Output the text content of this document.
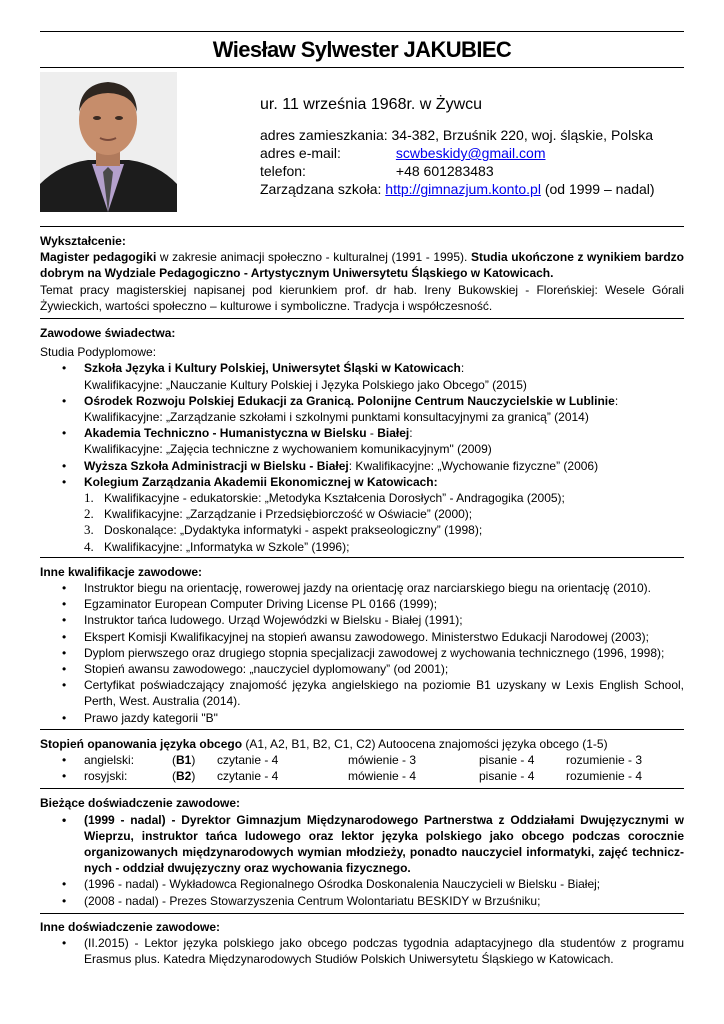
Wiesław Sylwester JAKUBIEC
ur. 11 września 1968r. w Żywcu
adres zamieszkania: 34-382, Brzuśnik 220, woj. śląskie, Polska
adres e-mail:	scwbeskidy@gmail.com
telefon:	+48 601283483
Zarządzana szkoła: http://gimnazjum.konto.pl (od 1999 – nadal)
Wykształcenie:
Magister pedagogiki w zakresie animacji społeczno - kulturalnej (1991 - 1995). Studia ukończone z wynikiem bardzo dobrym na Wydziale Pedagogiczno - Artystycznym Uniwersytetu Śląskiego w Katowicach.
Temat pracy magisterskiej napisanej pod kierunkiem prof. dr hab. Ireny Bukowskiej - Floreńskiej: Wesele Górali Żywieckich, wartości społeczno – kulturowe i symboliczne. Tradycja i współczesność.
Zawodowe świadectwa:
Studia Podyplomowe:
• Szkoła Języka i Kultury Polskiej, Uniwersytet Śląski w Katowicach:
Kwalifikacyjne: „Nauczanie Kultury Polskiej i Języka Polskiego jako Obcego” (2015)
• Ośrodek Rozwoju Polskiej Edukacji za Granicą. Polonijne Centrum Nauczycielskie w Lublinie:
Kwalifikacyjne: „Zarządzanie szkołami i szkolnymi punktami konsultacyjnymi za granicą” (2014)
• Akademia Techniczno - Humanistyczna w Bielsku - Białej:
Kwalifikacyjne: „Zajęcia techniczne z wychowaniem komunikacyjnym" (2009)
• Wyższa Szkoła Administracji w Bielsku - Białej: Kwalifikacyjne: „Wychowanie fizyczne” (2006)
• Kolegium Zarządzania Akademii Ekonomicznej w Katowicach:
1. Kwalifikacyjne - edukatorskie: „Metodyka Kształcenia Dorosłych” - Andragogika (2005);
2. Kwalifikacyjne: „Zarządzanie i Przedsiębiorczość w Oświacie” (2000);
3. Doskonalące: „Dydaktyka informatyki - aspekt prakseologiczny” (1998);
4. Kwalifikacyjne: „Informatyka w Szkole” (1996);
Inne kwalifikacje zawodowe:
• Instruktor biegu na orientację, rowerowej jazdy na orientację oraz narciarskiego biegu na orientację (2010).
• Egzaminator European Computer Driving License PL 0166 (1999);
• Instruktor tańca ludowego. Urząd Wojewódzki w Bielsku - Białej (1991);
• Ekspert Komisji Kwalifikacyjnej na stopień awansu zawodowego. Ministerstwo Edukacji Narodowej (2003);
• Dyplom pierwszego oraz drugiego stopnia specjalizacji zawodowej z wychowania technicznego (1996, 1998);
• Stopień awansu zawodowego: „nauczyciel dyplomowany” (od 2001);
• Certyfikat poświadczający znajomość języka angielskiego na poziomie B1 uzyskany w Lexis English School, Perth, West. Australia (2014).
• Prawo jazdy kategorii "B"
Stopień opanowania języka obcego (A1, A2, B1, B2, C1, C2) Autoocena znajomości języka obcego (1-5)
• angielski:	(B1) czytanie - 4	mówienie - 3	pisanie - 4	rozumienie - 3
• rosyjski:	(B2) czytanie - 4	mówienie - 4	pisanie - 4	rozumienie - 4
Bieżące doświadczenie zawodowe:
• (1999 - nadal) - Dyrektor Gimnazjum Międzynarodowego Partnerstwa z Oddziałami Dwujęzycznymi w Wieprzu, instruktor tańca ludowego oraz lektor języka polskiego jako obcego podczas corocznie organizowanych międzynarodowych wymian młodzieży, ponadto nauczyciel informatyki, zajęć technicz-nych - oddział dwujęzyczny oraz wychowania fizycznego.
• (1996 - nadal) - Wykładowca Regionalnego Ośrodka Doskonalenia Nauczycieli w Bielsku - Białej;
• (2008 - nadal) - Prezes Stowarzyszenia Centrum Wolontariatu BESKIDY w Brzuśniku;
Inne doświadczenie zawodowe:
• (II.2015) - Lektor języka polskiego jako obcego podczas tygodnia adaptacyjnego dla studentów z programu Erasmus plus. Katedra Międzynarodowych Studiów Polskich Uniwersytetu Śląskiego w Katowicach.
